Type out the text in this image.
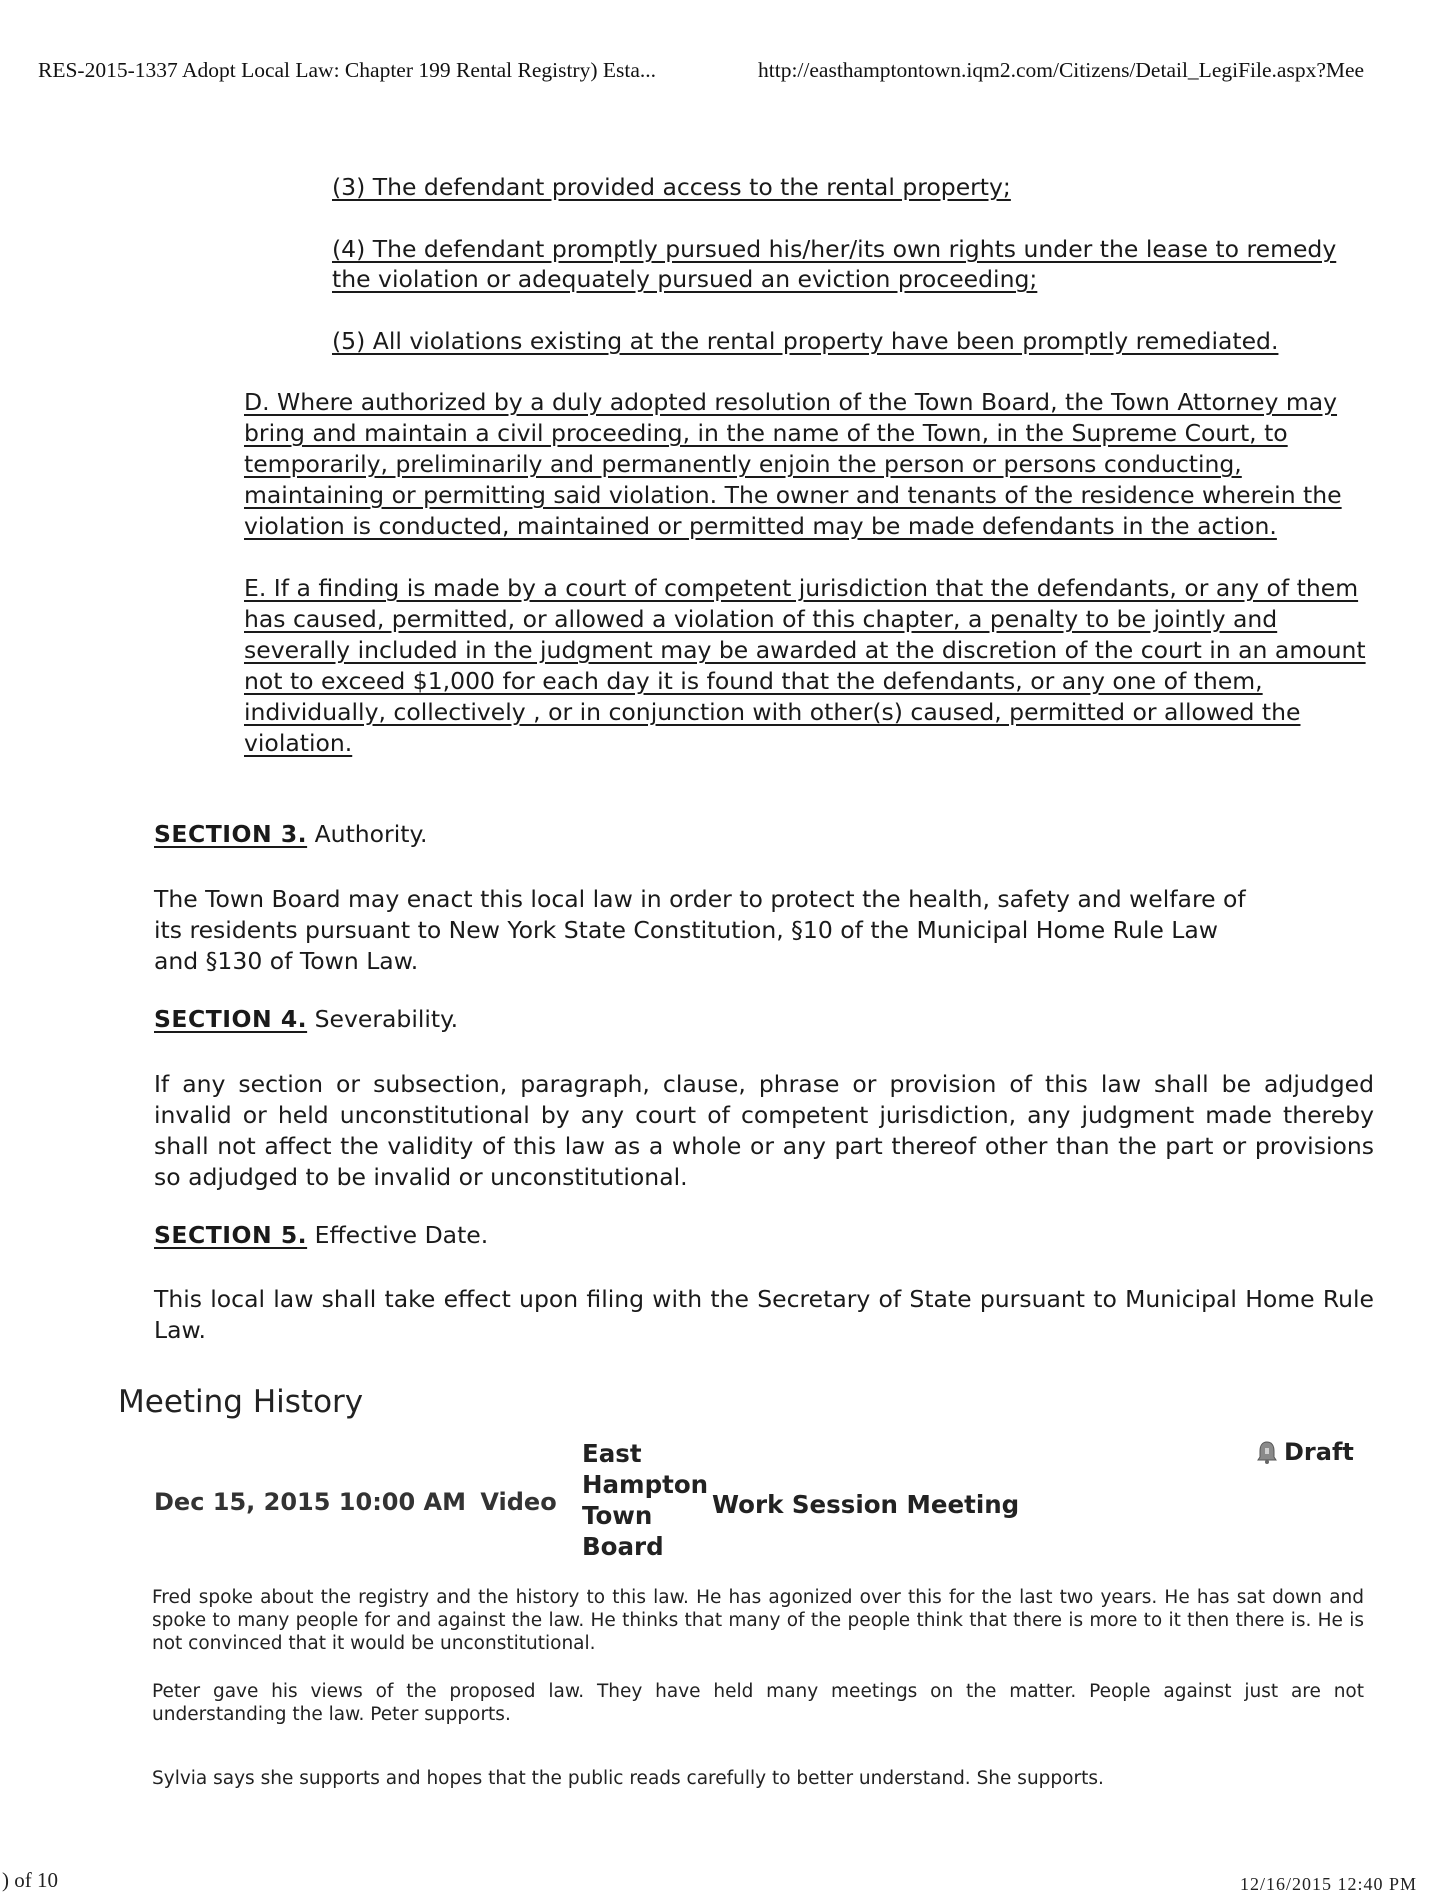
RES-2015-1337 Adopt Local Law: Chapter 199 Rental Registry) Esta...	http://easthamptontown.iqm2.com/Citizens/Detail_LegiFile.aspx?Mee

(3) The defendant provided access to the rental property;

(4) The defendant promptly pursued his/her/its own rights under the lease to remedy the violation or adequately pursued an eviction proceeding;

(5) All violations existing at the rental property have been promptly remediated.

D. Where authorized by a duly adopted resolution of the Town Board, the Town Attorney may bring and maintain a civil proceeding, in the name of the Town, in the Supreme Court, to temporarily, preliminarily and permanently enjoin the person or persons conducting, maintaining or permitting said violation. The owner and tenants of the residence wherein the violation is conducted, maintained or permitted may be made defendants in the action.

E. If a finding is made by a court of competent jurisdiction that the defendants, or any of them has caused, permitted, or allowed a violation of this chapter, a penalty to be jointly and severally included in the judgment may be awarded at the discretion of the court in an amount not to exceed $1,000 for each day it is found that the defendants, or any one of them, individually, collectively , or in conjunction with other(s) caused, permitted or allowed the violation.

SECTION 3. Authority.

The Town Board may enact this local law in order to protect the health, safety and welfare of its residents pursuant to New York State Constitution, §10 of the Municipal Home Rule Law and §130 of Town Law.

SECTION 4. Severability.

If any section or subsection, paragraph, clause, phrase or provision of this law shall be adjudged invalid or held unconstitutional by any court of competent jurisdiction, any judgment made thereby shall not affect the validity of this law as a whole or any part thereof other than the part or provisions so adjudged to be invalid or unconstitutional.

SECTION 5. Effective Date.

This local law shall take effect upon filing with the Secretary of State pursuant to Municipal Home Rule Law.

Meeting History
Dec 15, 2015 10:00 AM Video
East
Hampton
Town
Board
Work Session Meeting
Draft

Fred spoke about the registry and the history to this law. He has agonized over this for the last two years. He has sat down and spoke to many people for and against the law. He thinks that many of the people think that there is more to it then there is. He is not convinced that it would be unconstitutional.

Peter gave his views of the proposed law. They have held many meetings on the matter. People against just are not understanding the law. Peter supports.

Sylvia says she supports and hopes that the public reads carefully to better understand. She supports.

) of 10	12/16/2015 12:40 PM
